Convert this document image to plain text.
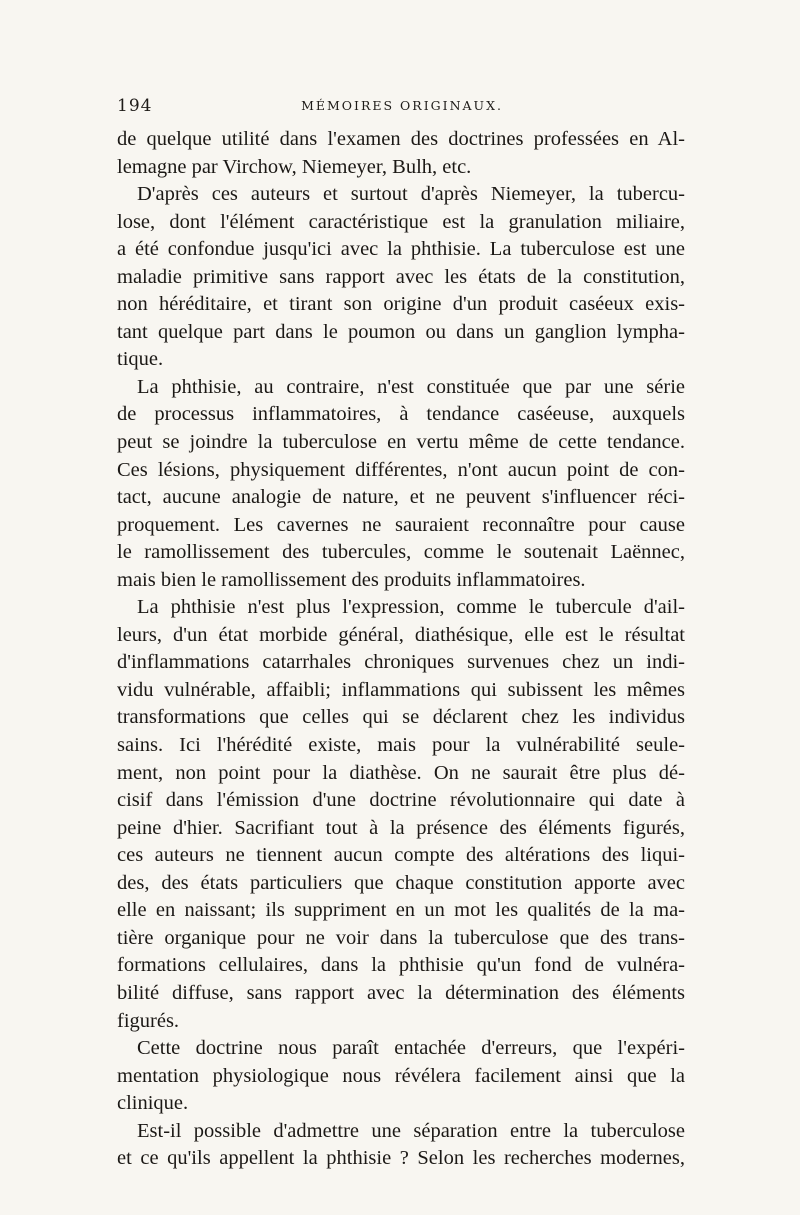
194	MÉMOIRES ORIGINAUX.
de quelque utilité dans l'examen des doctrines professées en Al-
lemagne par Virchow, Niemeyer, Bulh, etc.
D'après ces auteurs et surtout d'après Niemeyer, la tubercu-
lose, dont l'élément caractéristique est la granulation miliaire,
a été confondue jusqu'ici avec la phthisie. La tuberculose est une
maladie primitive sans rapport avec les états de la constitution,
non héréditaire, et tirant son origine d'un produit caséeux exis-
tant quelque part dans le poumon ou dans un ganglion lympha-
tique.
La phthisie, au contraire, n'est constituée que par une série
de processus inflammatoires, à tendance caséeuse, auxquels
peut se joindre la tuberculose en vertu même de cette tendance.
Ces lésions, physiquement différentes, n'ont aucun point de con-
tact, aucune analogie de nature, et ne peuvent s'influencer réci-
proquement. Les cavernes ne sauraient reconnaître pour cause
le ramollissement des tubercules, comme le soutenait Laënnec,
mais bien le ramollissement des produits inflammatoires.
La phthisie n'est plus l'expression, comme le tubercule d'ail-
leurs, d'un état morbide général, diathésique, elle est le résultat
d'inflammations catarrhales chroniques survenues chez un indi-
vidu vulnérable, affaibli; inflammations qui subissent les mêmes
transformations que celles qui se déclarent chez les individus
sains. Ici l'hérédité existe, mais pour la vulnérabilité seule-
ment, non point pour la diathèse. On ne saurait être plus dé-
cisif dans l'émission d'une doctrine révolutionnaire qui date à
peine d'hier. Sacrifiant tout à la présence des éléments figurés,
ces auteurs ne tiennent aucun compte des altérations des liqui-
des, des états particuliers que chaque constitution apporte avec
elle en naissant; ils suppriment en un mot les qualités de la ma-
tière organique pour ne voir dans la tuberculose que des trans-
formations cellulaires, dans la phthisie qu'un fond de vulnéra-
bilité diffuse, sans rapport avec la détermination des éléments
figurés.
Cette doctrine nous paraît entachée d'erreurs, que l'expéri-
mentation physiologique nous révélera facilement ainsi que la
clinique.
Est-il possible d'admettre une séparation entre la tuberculose
et ce qu'ils appellent la phthisie ? Selon les recherches modernes,
